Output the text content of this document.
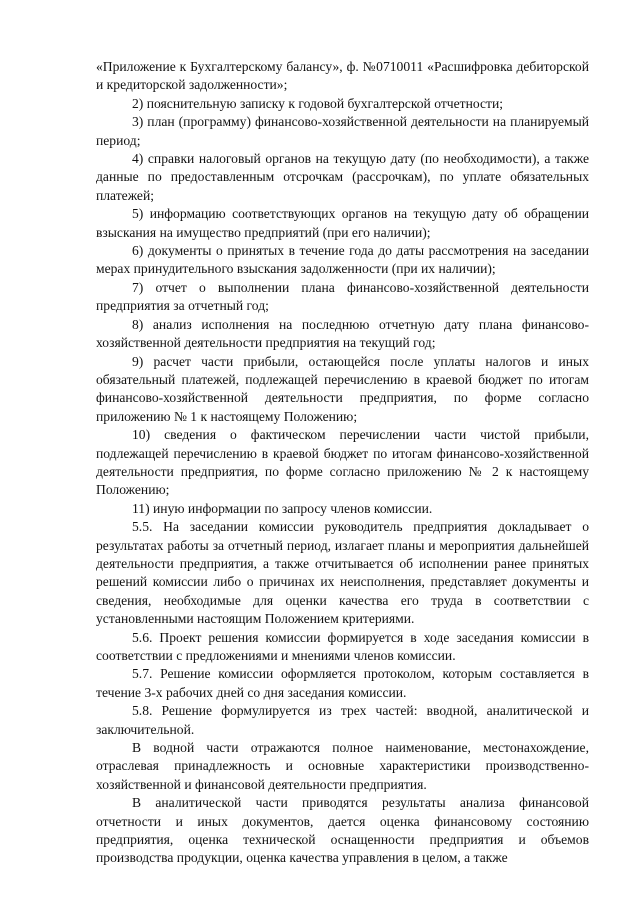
«Приложение к Бухгалтерскому балансу», ф. №0710011 «Расшифровка дебиторской и кредиторской задолженности»;

2) пояснительную записку к годовой бухгалтерской отчетности;

3) план (программу) финансово-хозяйственной деятельности на планируемый период;

4) справки налоговый органов на текущую дату (по необходимости), а также данные по предоставленным отсрочкам (рассрочкам), по уплате обязательных платежей;

5) информацию соответствующих органов на текущую дату об обращении взыскания на имущество предприятий (при его наличии);

6) документы о принятых в течение года до даты рассмотрения на заседании мерах принудительного взыскания задолженности (при их наличии);

7) отчет о выполнении плана финансово-хозяйственной деятельности предприятия за отчетный год;

8) анализ исполнения на последнюю отчетную дату плана финансово-хозяйственной деятельности предприятия на текущий год;

9) расчет части прибыли, остающейся после уплаты налогов и иных обязательный платежей, подлежащей перечислению в краевой бюджет по итогам финансово-хозяйственной деятельности предприятия, по форме согласно приложению № 1 к настоящему Положению;

10) сведения о фактическом перечислении части чистой прибыли, подлежащей перечислению в краевой бюджет по итогам финансово-хозяйственной деятельности предприятия, по форме согласно приложению № 2 к настоящему Положению;

11) иную информации по запросу членов комиссии.

5.5. На заседании комиссии руководитель предприятия докладывает о результатах работы за отчетный период, излагает планы и мероприятия дальнейшей деятельности предприятия, а также отчитывается об исполнении ранее принятых решений комиссии либо о причинах их неисполнения, представляет документы и сведения, необходимые для оценки качества его труда в соответствии с установленными настоящим Положением критериями.

5.6. Проект решения комиссии формируется в ходе заседания комиссии в соответствии с предложениями и мнениями членов комиссии.

5.7. Решение комиссии оформляется протоколом, которым составляется в течение 3-х рабочих дней со дня заседания комиссии.

5.8. Решение формулируется из трех частей: вводной, аналитической и заключительной.

В водной части отражаются полное наименование, местонахождение, отраслевая принадлежность и основные характеристики производственно-хозяйственной и финансовой деятельности предприятия.

В аналитической части приводятся результаты анализа финансовой отчетности и иных документов, дается оценка финансовому состоянию предприятия, оценка технической оснащенности предприятия и объемов производства продукции, оценка качества управления в целом, а также
